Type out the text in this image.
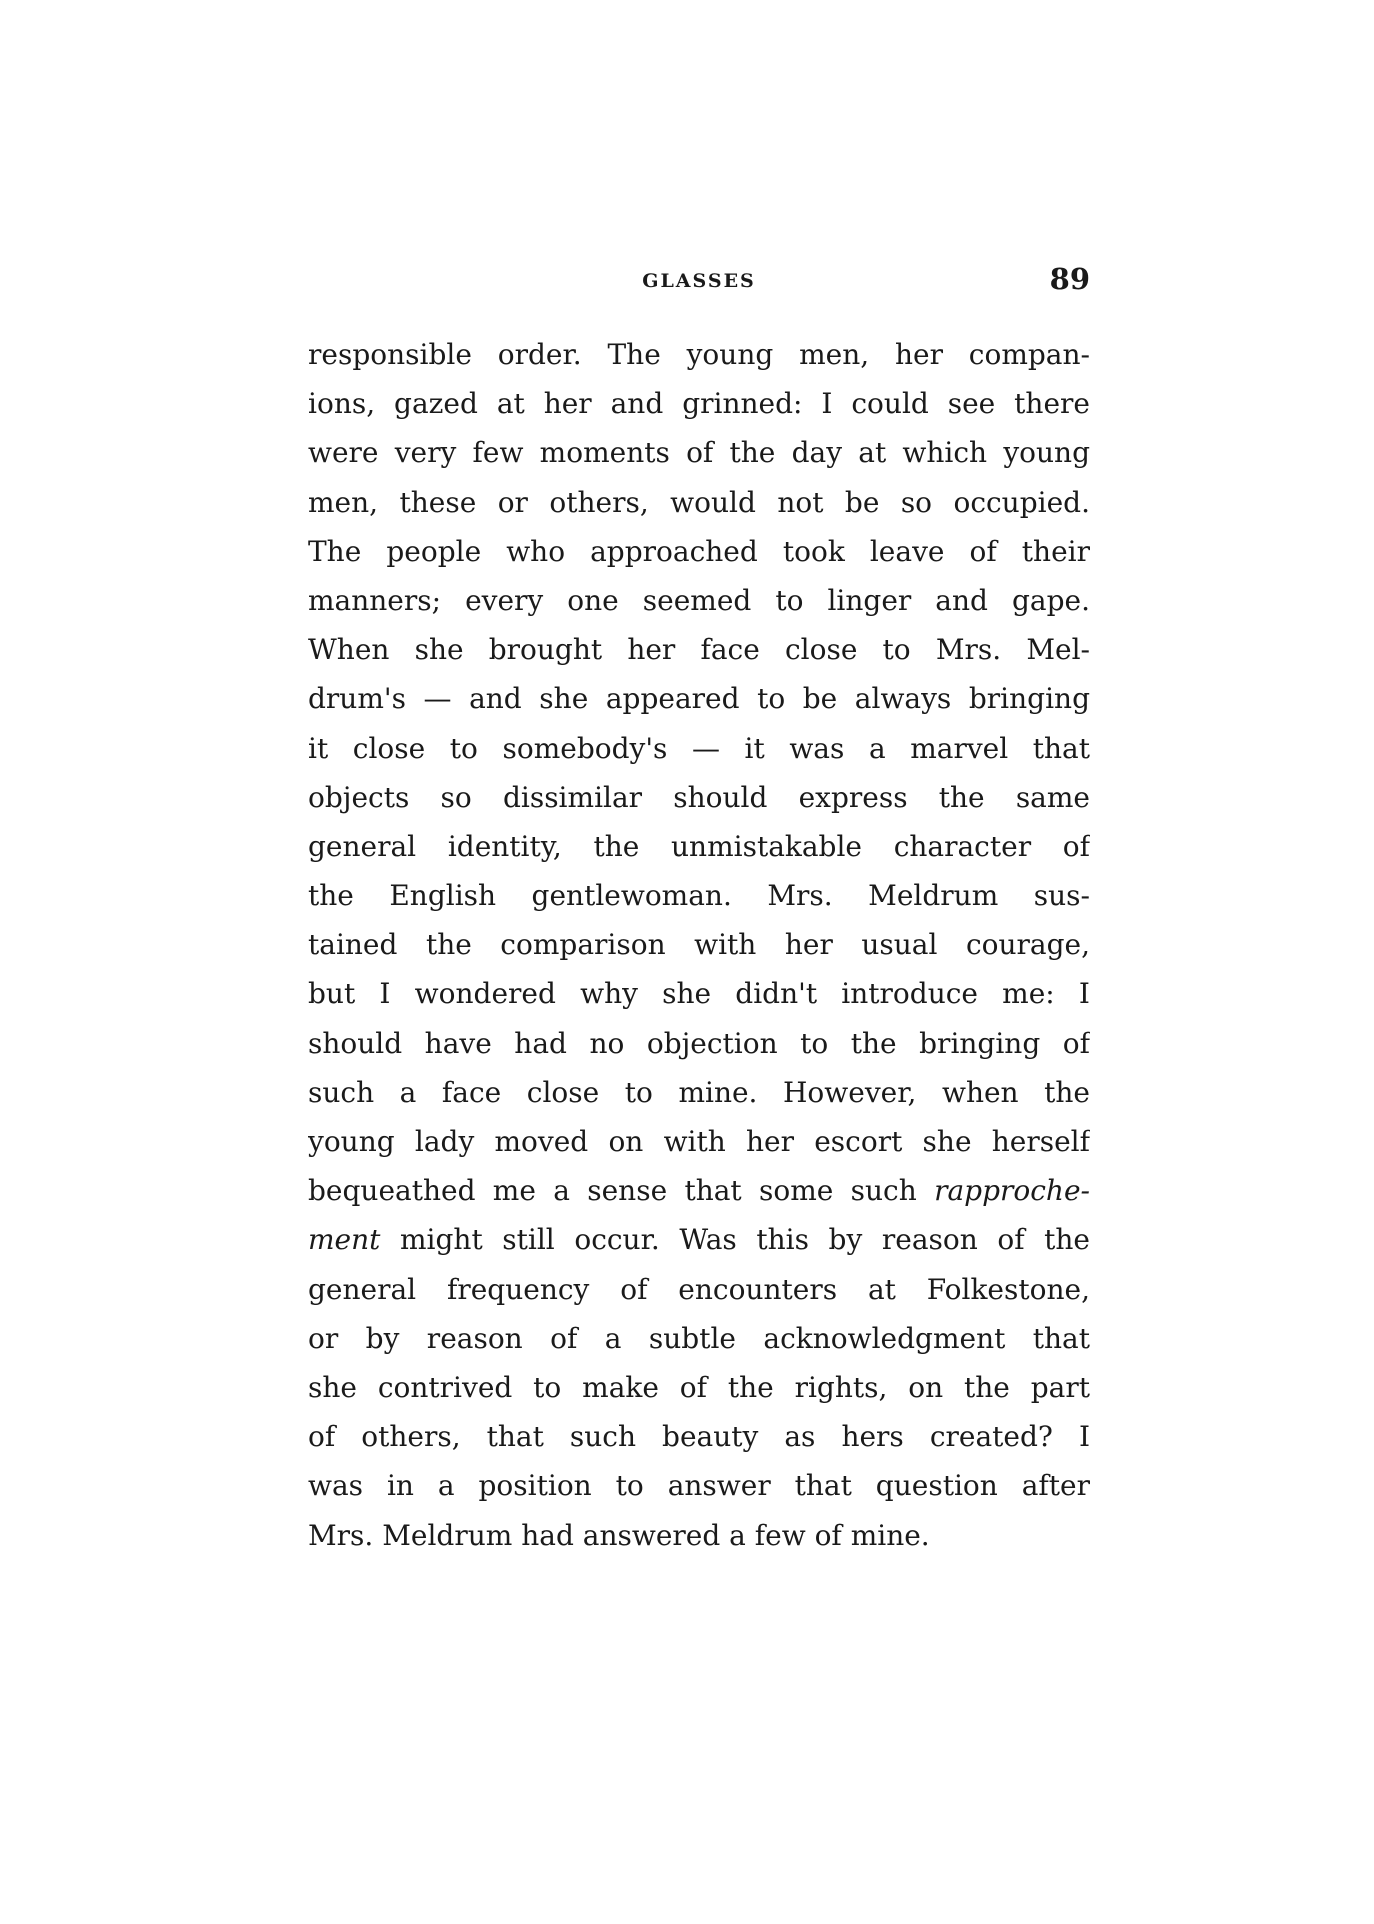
GLASSES	89
responsible order. The young men, her compan-
ions, gazed at her and grinned: I could see there
were very few moments of the day at which young
men, these or others, would not be so occupied.
The people who approached took leave of their
manners; every one seemed to linger and gape.
When she brought her face close to Mrs. Mel-
drum's — and she appeared to be always bringing
it close to somebody's — it was a marvel that
objects so dissimilar should express the same
general identity, the unmistakable character of
the English gentlewoman. Mrs. Meldrum sus-
tained the comparison with her usual courage,
but I wondered why she didn't introduce me: I
should have had no objection to the bringing of
such a face close to mine. However, when the
young lady moved on with her escort she herself
bequeathed me a sense that some such rapproche-
ment might still occur. Was this by reason of the
general frequency of encounters at Folkestone,
or by reason of a subtle acknowledgment that
she contrived to make of the rights, on the part
of others, that such beauty as hers created? I
was in a position to answer that question after
Mrs. Meldrum had answered a few of mine.
